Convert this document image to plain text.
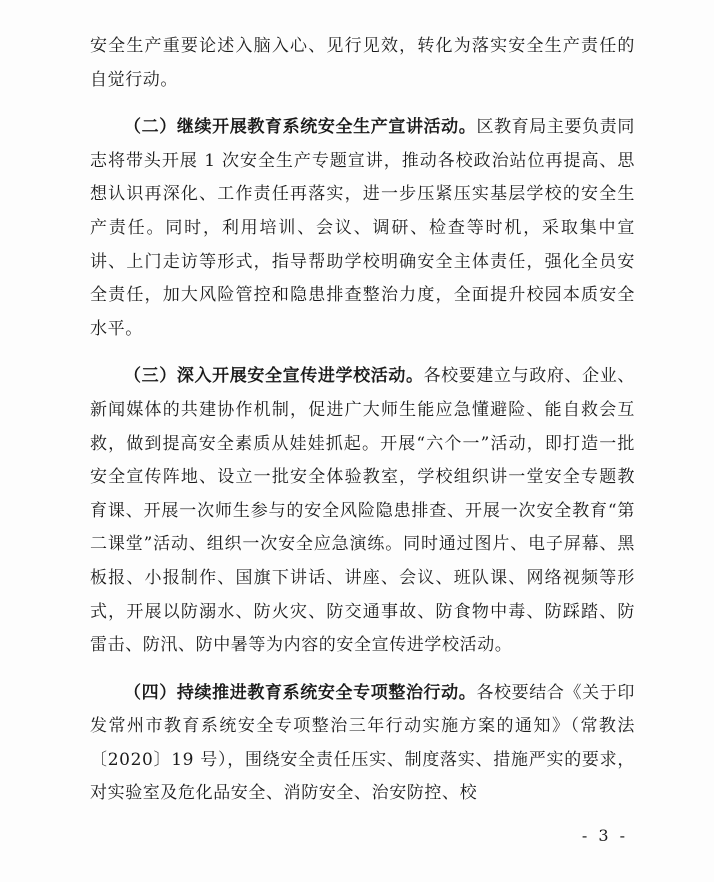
安全生产重要论述入脑入心、见行见效，转化为落实安全生产责任的自觉行动。

（二）继续开展教育系统安全生产宣讲活动。区教育局主要负责同志将带头开展 1 次安全生产专题宣讲，推动各校政治站位再提高、思想认识再深化、工作责任再落实，进一步压紧压实基层学校的安全生产责任。同时，利用培训、会议、调研、检查等时机，采取集中宣讲、上门走访等形式，指导帮助学校明确安全主体责任，强化全员安全责任，加大风险管控和隐患排查整治力度，全面提升校园本质安全水平。

（三）深入开展安全宣传进学校活动。各校要建立与政府、企业、新闻媒体的共建协作机制，促进广大师生能应急懂避险、能自救会互救，做到提高安全素质从娃娃抓起。开展“六个一”活动，即打造一批安全宣传阵地、设立一批安全体验教室，学校组织讲一堂安全专题教育课、开展一次师生参与的安全风险隐患排查、开展一次安全教育“第二课堂”活动、组织一次安全应急演练。同时通过图片、电子屏幕、黑板报、小报制作、国旗下讲话、讲座、会议、班队课、网络视频等形式，开展以防溺水、防火灾、防交通事故、防食物中毒、防踩踏、防雷击、防汛、防中暑等为内容的安全宣传进学校活动。

（四）持续推进教育系统安全专项整治行动。各校要结合《关于印发常州市教育系统安全专项整治三年行动实施方案的通知》（常教法〔2020〕19 号），围绕安全责任压实、制度落实、措施严实的要求，对实验室及危化品安全、消防安全、治安防控、校

- 3 -
